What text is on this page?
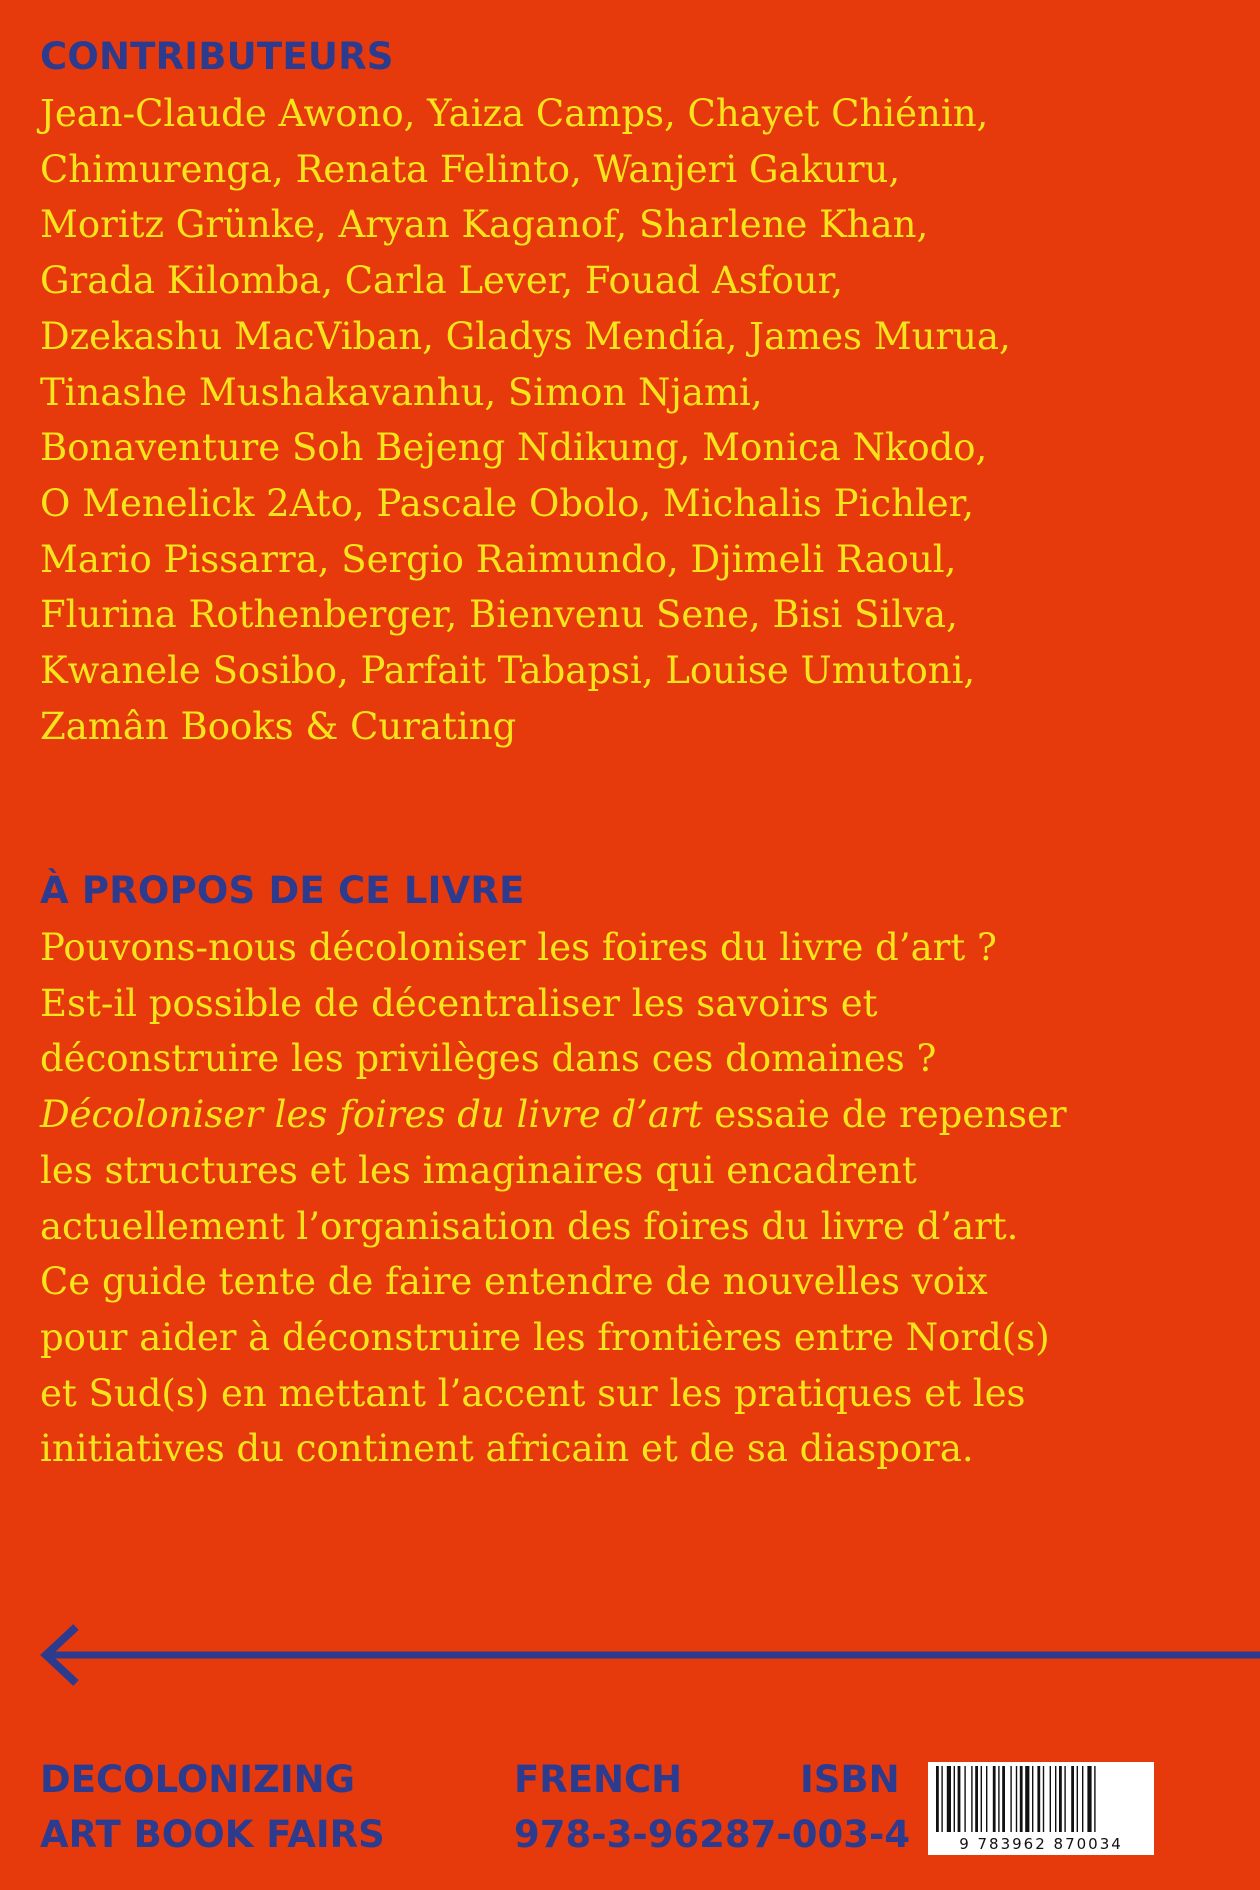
CONTRIBUTEURS
Jean-Claude Awono, Yaiza Camps, Chayet Chiénin,
Chimurenga, Renata Felinto, Wanjeri Gakuru,
Moritz Grünke, Aryan Kaganof, Sharlene Khan,
Grada Kilomba, Carla Lever, Fouad Asfour,
Dzekashu MacViban, Gladys Mendía, James Murua,
Tinashe Mushakavanhu, Simon Njami,
Bonaventure Soh Bejeng Ndikung, Monica Nkodo,
O Menelick 2Ato, Pascale Obolo, Michalis Pichler,
Mario Pissarra, Sergio Raimundo, Djimeli Raoul,
Flurina Rothenberger, Bienvenu Sene, Bisi Silva,
Kwanele Sosibo, Parfait Tabapsi, Louise Umutoni,
Zamân Books & Curating
À PROPOS DE CE LIVRE
Pouvons-nous décoloniser les foires du livre d’art ?
Est-il possible de décentraliser les savoirs et
déconstruire les privilèges dans ces domaines ?
Décoloniser les foires du livre d’art essaie de repenser
les structures et les imaginaires qui encadrent
actuellement l’organisation des foires du livre d’art.
Ce guide tente de faire entendre de nouvelles voix
pour aider à déconstruire les frontières entre Nord(s)
et Sud(s) en mettant l’accent sur les pratiques et les
initiatives du continent africain et de sa diaspora.
DECOLONIZING
ART BOOK FAIRS
FRENCH	ISBN
978-3-96287-003-4	9 783962 870034
